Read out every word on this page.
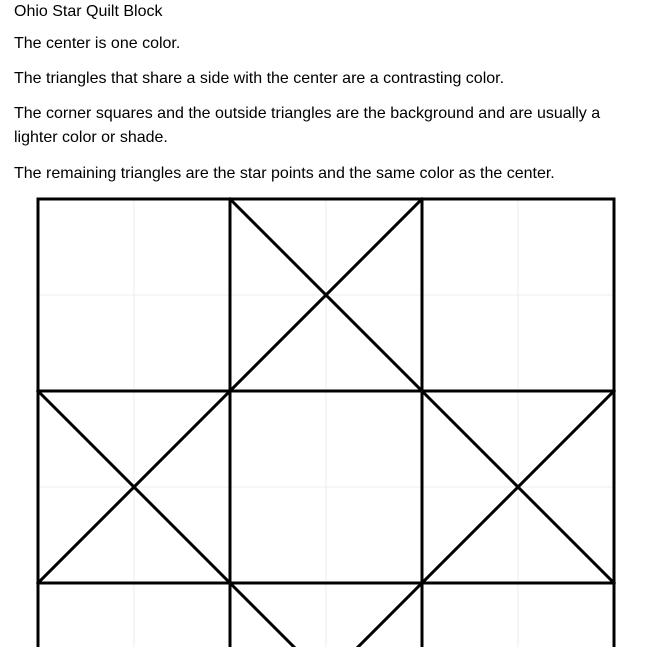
Ohio Star Quilt Block
The center is one color.
The triangles that share a side with the center are a contrasting color.
The corner squares and the outside triangles are the background and are usually a lighter color or shade.
The remaining triangles are the star points and the same color as the center.
